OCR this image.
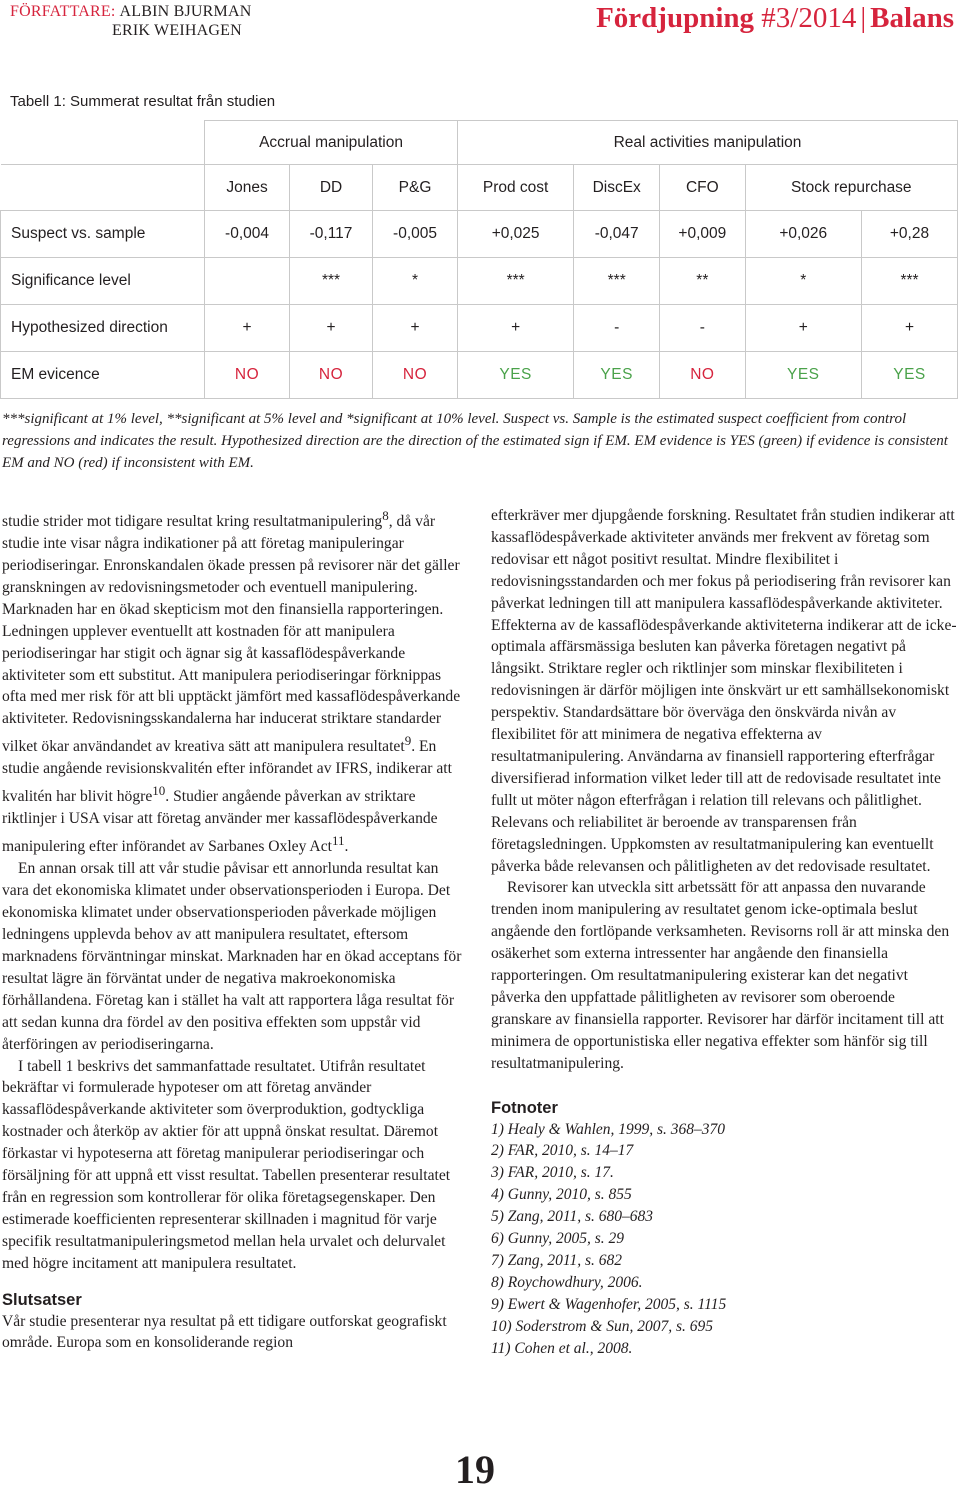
FÖRFATTARE: ALBIN BJURMAN
ERIK WEIHAGEN	Fördjupning #3/2014 | Balans
Tabell 1: Summerat resultat från studien
	Accrual manipulation			Real activities manipulation				
	Jones	DD	P&G	Prod cost	DiscEx	CFO	Stock repurchase	
Suspect vs. sample	-0,004	-0,117	-0,005	+0,025	-0,047	+0,009	+0,026	+0,28
Significance level		***	*	***	***	**	*	***
Hypothesized direction	+	+	+	+	-	-	+	+
EM evicence	NO	NO	NO	YES	YES	NO	YES	YES
***significant at 1% level, **significant at 5% level and *significant at 10% level. Suspect vs. Sample is the estimated suspect coefficient from control regressions and indicates the result. Hypothesized direction are the direction of the estimated sign if EM. EM evidence is YES (green) if evidence is consistent EM and NO (red) if inconsistent with EM.

studie strider mot tidigare resultat kring resultatmanipulering$^8$, då vår studie inte visar några indikationer på att företag manipuleringar periodiseringar. Enronskandalen ökade pressen på revisorer när det gäller granskningen av redovisningsmetoder och eventuell manipulering. Marknaden har en ökad skepticism mot den finansiella rapporteringen. Ledningen upplever eventuellt att kostnaden för att manipulera periodiseringar har stigit och ägnar sig åt kassaflödespåverkande aktiviteter som ett substitut. Att manipulera periodiseringar förknippas ofta med mer risk för att bli upptäckt jämfört med kassaflödespåverkande aktiviteter. Redovisningsskandalerna har inducerat striktare standarder vilket ökar användandet av kreativa sätt att manipulera resultatet$^9$. En studie angående revisionskvalitén efter införandet av IFRS, indikerar att kvalitén har blivit högre$^{10}$. Studier angående påverkan av striktare riktlinjer i USA visar att företag använder mer kassaflödespåverkande manipulering efter införandet av Sarbanes Oxley Act$^{11}$.

En annan orsak till att vår studie påvisar ett annorlunda resultat kan vara det ekonomiska klimatet under observationsperioden i Europa. Det ekonomiska klimatet under observationsperioden påverkade möjligen ledningens upplevda behov av att manipulera resultatet, eftersom marknadens förväntningar minskat. Marknaden har en ökad acceptans för resultat lägre än förväntat under de negativa makroekonomiska förhållandena. Företag kan i stället ha valt att rapportera låga resultat för att sedan kunna dra fördel av den positiva effekten som uppstår vid återföringen av periodiseringarna.

I tabell 1 beskrivs det sammanfattade resultatet. Utifrån resultatet bekräftar vi formulerade hypoteser om att företag använder kassaflödespåverkande aktiviteter som överproduktion, godtyckliga kostnader och återköp av aktier för att uppnå önskat resultat. Däremot förkastar vi hypoteserna att företag manipulerar periodiseringar och försäljning för att uppnå ett visst resultat. Tabellen presenterar resultatet från en regression som kontrollerar för olika företagsegenskaper. Den estimerade koefficienten representerar skillnaden i magnitud för varje specifik resultatmanipuleringsmetod mellan hela urvalet och delurvalet med högre incitament att manipulera resultatet.

Slutsatser

Vår studie presenterar nya resultat på ett tidigare outforskat geografiskt område. Europa som en konsoliderande region

efterkräver mer djupgående forskning. Resultatet från studien indikerar att kassaflödespåverkade aktiviteter används mer frekvent av företag som redovisar ett något positivt resultat. Mindre flexibilitet i redovisningsstandarden och mer fokus på periodisering från revisorer kan påverkat ledningen till att manipulera kassaflödespåverkande aktiviteter. Effekterna av de kassaflödespåverkande aktiviteterna indikerar att de icke-optimala affärsmässiga besluten kan påverka företagen negativt på långsikt. Striktare regler och riktlinjer som minskar flexibiliteten i redovisningen är därför möjligen inte önskvärt ur ett samhällsekonomiskt perspektiv. Standardsättare bör överväga den önskvärda nivån av flexibilitet för att minimera de negativa effekterna av resultatmanipulering. Användarna av finansiell rapportering efterfrågar diversifierad information vilket leder till att de redovisade resultatet inte fullt ut möter någon efterfrågan i relation till relevans och pålitlighet. Relevans och reliabilitet är beroende av transparensen från företagsledningen. Uppkomsten av resultatmanipulering kan eventuellt påverka både relevansen och pålitligheten av det redovisade resultatet.

Revisorer kan utveckla sitt arbetssätt för att anpassa den nuvarande trenden inom manipulering av resultatet genom icke-optimala beslut angående den fortlöpande verksamheten. Revisorns roll är att minska den osäkerhet som externa intressenter har angående den finansiella rapporteringen. Om resultatmanipulering existerar kan det negativt påverka den uppfattade pålitligheten av revisorer som oberoende granskare av finansiella rapporter. Revisorer har därför incitament till att minimera de opportunistiska eller negativa effekter som hänför sig till resultatmanipulering.

Fotnoter
1) Healy & Wahlen, 1999, s. 368–370
2) FAR, 2010, s. 14–17
3) FAR, 2010, s. 17.
4) Gunny, 2010, s. 855
5) Zang, 2011, s. 680–683
6) Gunny, 2005, s. 29
7) Zang, 2011, s. 682
8) Roychowdhury, 2006.
9) Ewert & Wagenhofer, 2005, s. 1115
10) Soderstrom & Sun, 2007, s. 695
11) Cohen et al., 2008.
19
